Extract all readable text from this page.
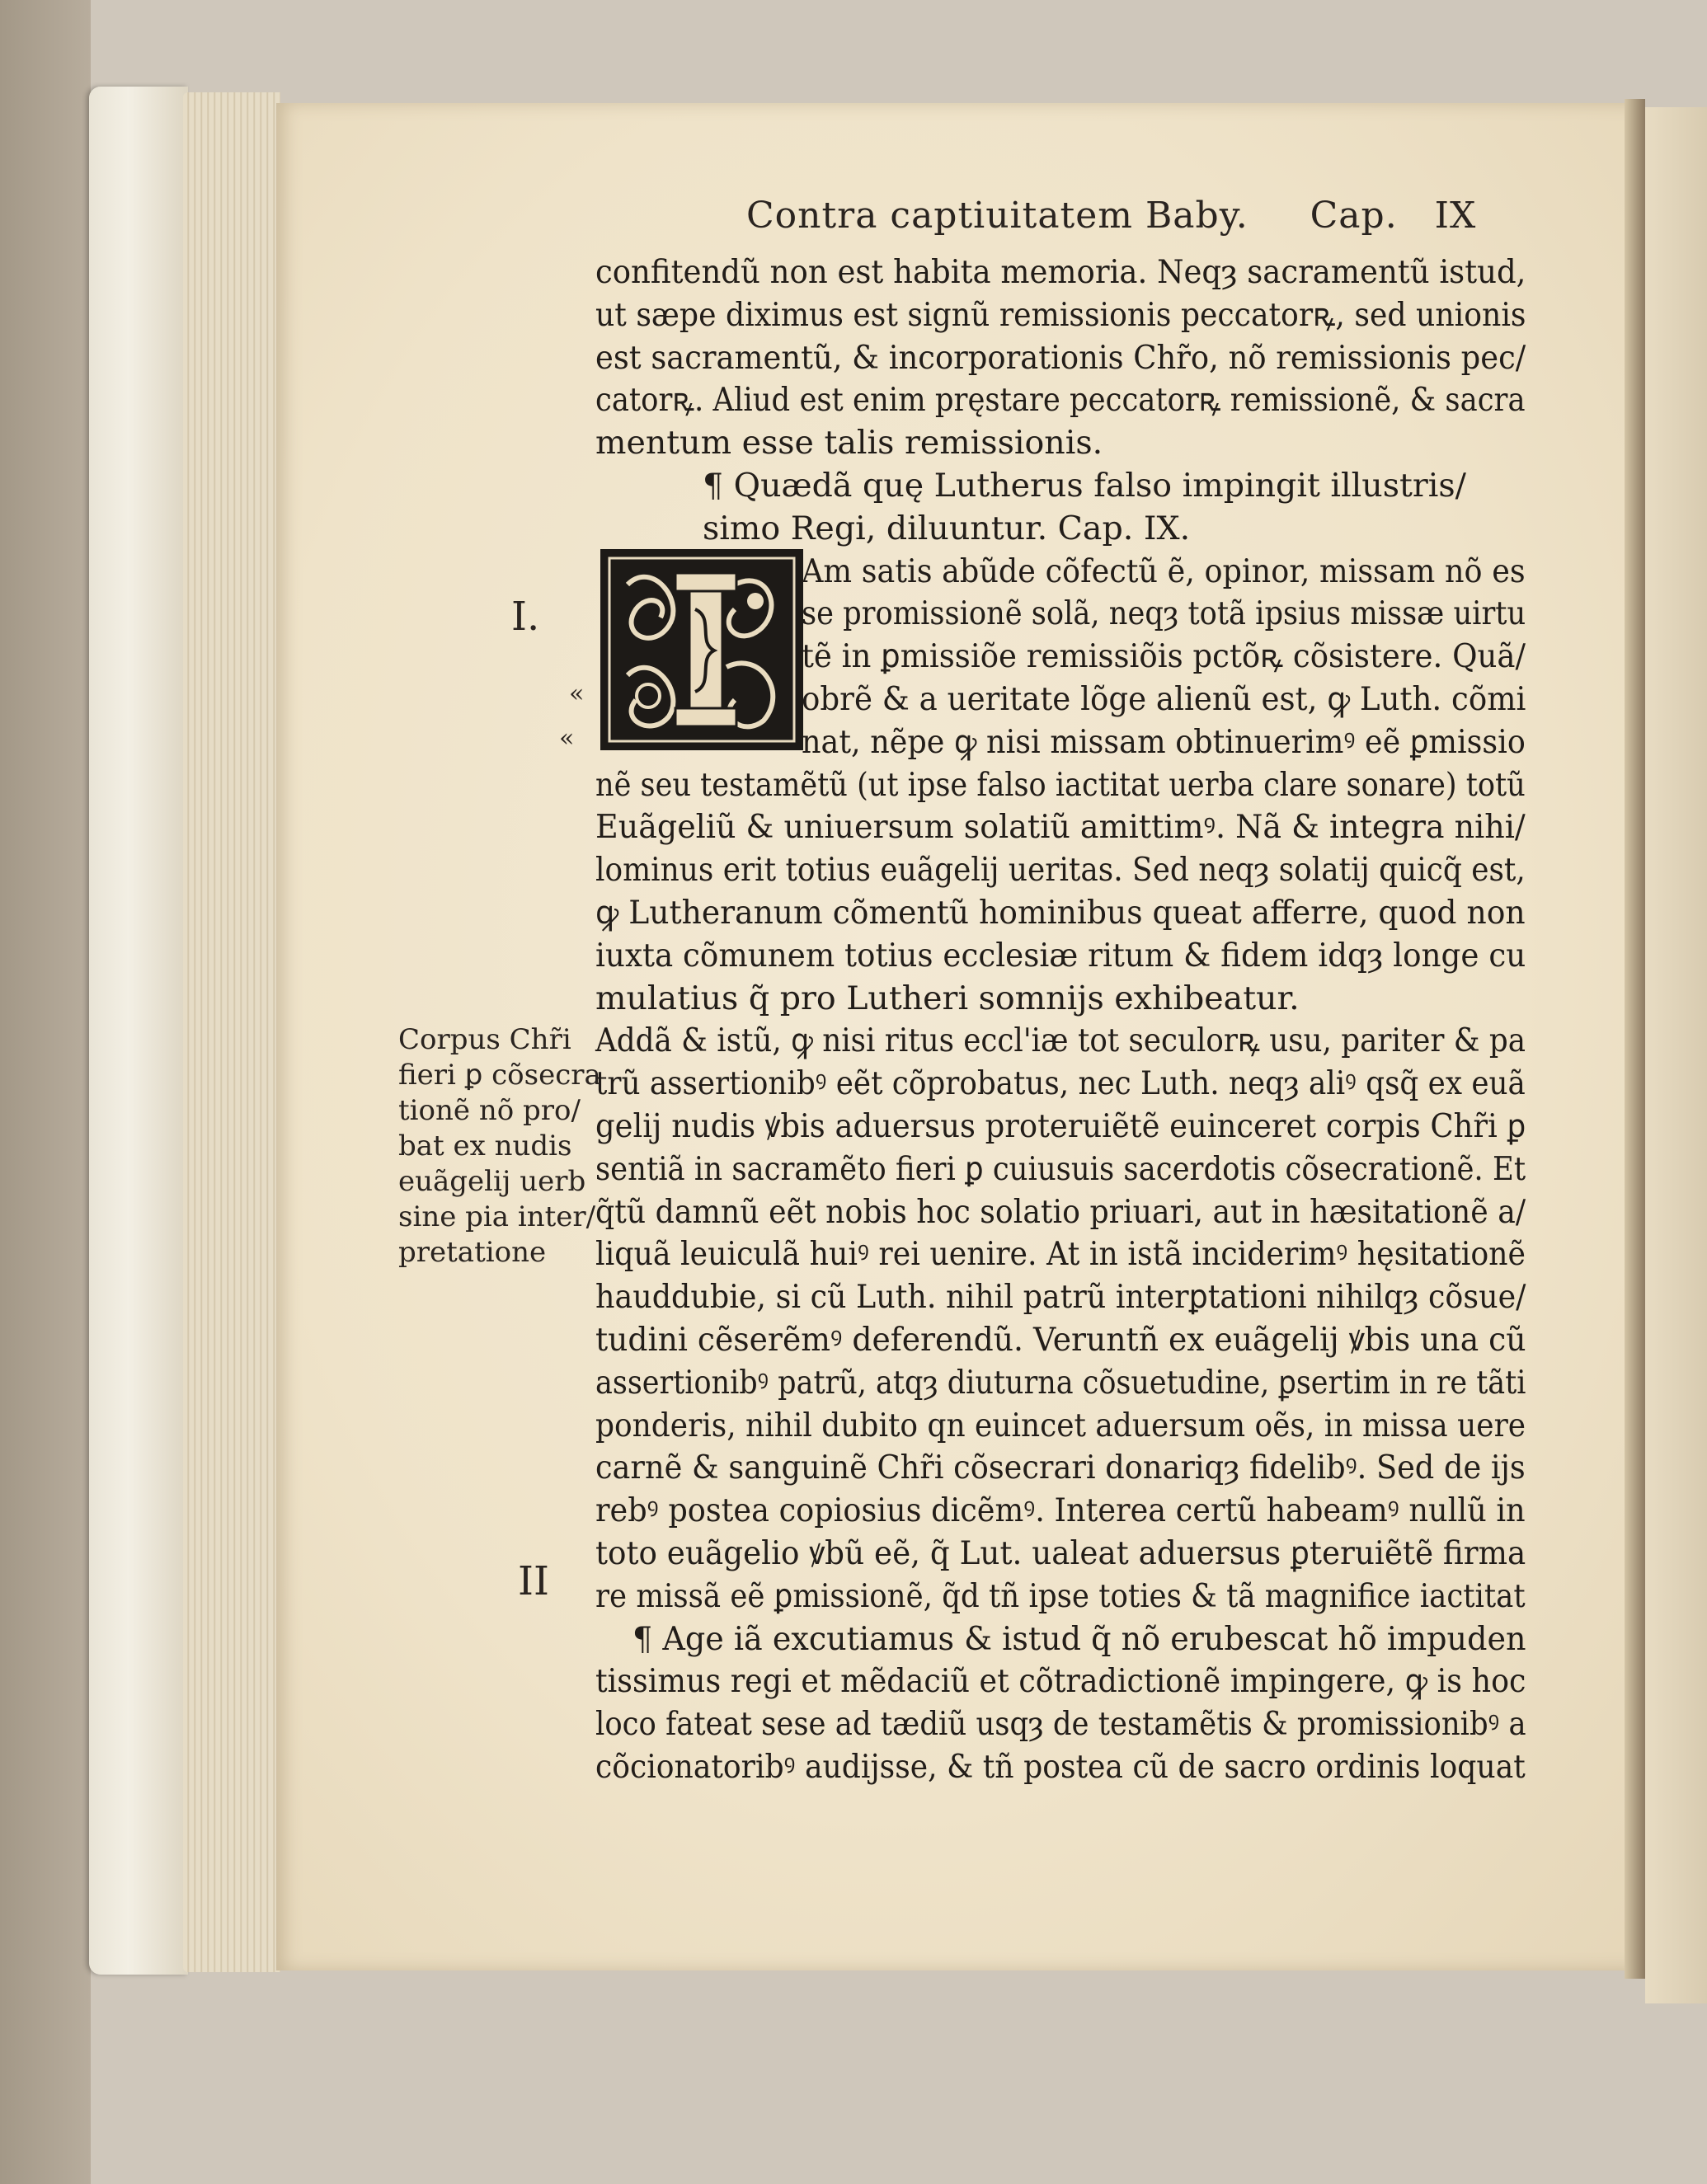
Contra captiuitatem Baby.     Cap.   IX
confitendũ non est habita memoria. Neqȝ sacramentũ istud,
ut sæpe diximus est signũ remissionis peccatorꝶ, sed unionis
est sacramentũ, & incorporationis Chr̃o, nõ remissionis pec/
catorꝶ. Aliud est enim pręstare peccatorꝶ remissionẽ, & sacra
mentum esse talis remissionis.
¶ Quædã quę Lutherus falso impingit illustris/
simo Regi, diluuntur. Cap. IX.
Am satis abũde cõfectũ ẽ, opinor, missam nõ es
se promissionẽ solã, neqȝ totã ipsius missæ uirtu
tẽ in ꝑmissiõe remissiõis pctõꝶ cõsistere. Quã/
obrẽ & a ueritate lõge alienũ est, ꝙ Luth. cõmi
nat, nẽpe ꝙ nisi missam obtinuerimꝰ eẽ ꝑmissio
nẽ seu testamẽtũ (ut ipse falso iactitat uerba clare sonare) totũ
Euãgeliũ & uniuersum solatiũ amittimꝰ. Nã & integra nihi/
lominus erit totius euãgelij ueritas. Sed neqȝ solatij quicq̃ est,
ꝙ Lutheranum cõmentũ hominibus queat afferre, quod non
iuxta cõmunem totius ecclesiæ ritum & fidem idqȝ longe cu
mulatius q̃ pro Lutheri somnijs exhibeatur.
Addã & istũ, ꝙ nisi ritus eccl'iæ tot seculorꝶ usu, pariter & pa
trũ assertionibꝰ eẽt cõprobatus, nec Luth. neqȝ aliꝰ qsq̃ ex euã
gelij nudis ꝟbis aduersus proteruiẽtẽ euinceret corpis Chr̃i ꝑ
sentiã in sacramẽto fieri ꝑ cuiusuis sacerdotis cõsecrationẽ. Et
q̃tũ damnũ eẽt nobis hoc solatio priuari, aut in hæsitationẽ a/
liquã leuiculã huiꝰ rei uenire. At in istã inciderimꝰ hęsitationẽ
hauddubie, si cũ Luth. nihil patrũ interꝑtationi nihilqȝ cõsue/
tudini cẽserẽmꝰ deferendũ. Veruntñ ex euãgelij ꝟbis una cũ
assertionibꝰ patrũ, atqȝ diuturna cõsuetudine, ꝑsertim in re tãti
ponderis, nihil dubito qn euincet aduersum oẽs, in missa uere
carnẽ & sanguinẽ Chr̃i cõsecrari donariqȝ fidelibꝰ. Sed de ijs
rebꝰ postea copiosius dicẽmꝰ. Interea certũ habeamꝰ nullũ in
toto euãgelio ꝟbũ eẽ, q̃ Lut. ualeat aduersus ꝑteruiẽtẽ firma
re missã eẽ ꝑmissionẽ, q̃d tñ ipse toties & tã magnifice iactitat
¶ Age iã excutiamus & istud q̃ nõ erubescat hõ impuden
tissimus regi et mẽdaciũ et cõtradictionẽ impingere, ꝙ is hoc
loco fateat sese ad tædiũ usqȝ de testamẽtis & promissionibꝰ a
cõcionatoribꝰ audijsse, & tñ postea cũ de sacro ordinis loquat
Corpus Chr̃i
fieri ꝑ cõsecra
tionẽ nõ pro/
bat ex nudis
euãgelij uerb
sine pia inter/
pretatione
I.
«
«
II
